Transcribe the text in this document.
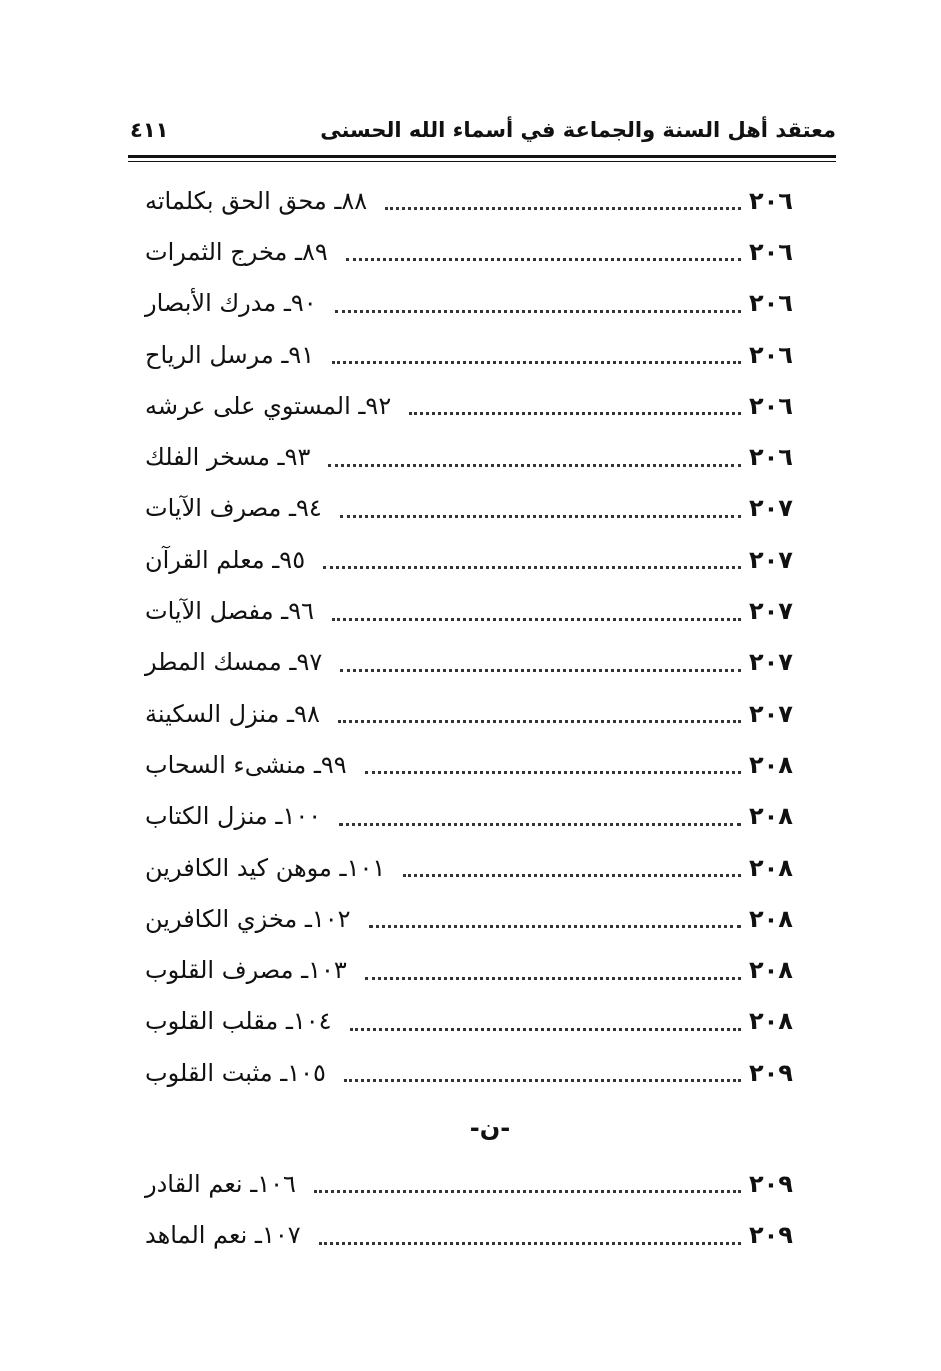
معتقد أهل السنة والجماعة في أسماء الله الحسنى
٤١١
٢٠٦
٨٨ـ محق الحق بكلماته
٢٠٦
٨٩ـ مخرج الثمرات
٢٠٦
٩٠ـ مدرك الأبصار
٢٠٦
٩١ـ مرسل الرياح
٢٠٦
٩٢ـ المستوي على عرشه
٢٠٦
٩٣ـ مسخر الفلك
٢٠٧
٩٤ـ مصرف الآيات
٢٠٧
٩٥ـ معلم القرآن
٢٠٧
٩٦ـ مفصل الآيات
٢٠٧
٩٧ـ ممسك المطر
٢٠٧
٩٨ـ منزل السكينة
٢٠٨
٩٩ـ منشىء السحاب
٢٠٨
١٠٠ـ منزل الكتاب
٢٠٨
١٠١ـ موهن كيد الكافرين
٢٠٨
١٠٢ـ مخزي الكافرين
٢٠٨
١٠٣ـ مصرف القلوب
٢٠٨
١٠٤ـ مقلب القلوب
٢٠٩
١٠٥ـ مثبت القلوب
-ن-
٢٠٩
١٠٦ـ نعم القادر
٢٠٩
١٠٧ـ نعم الماهد
